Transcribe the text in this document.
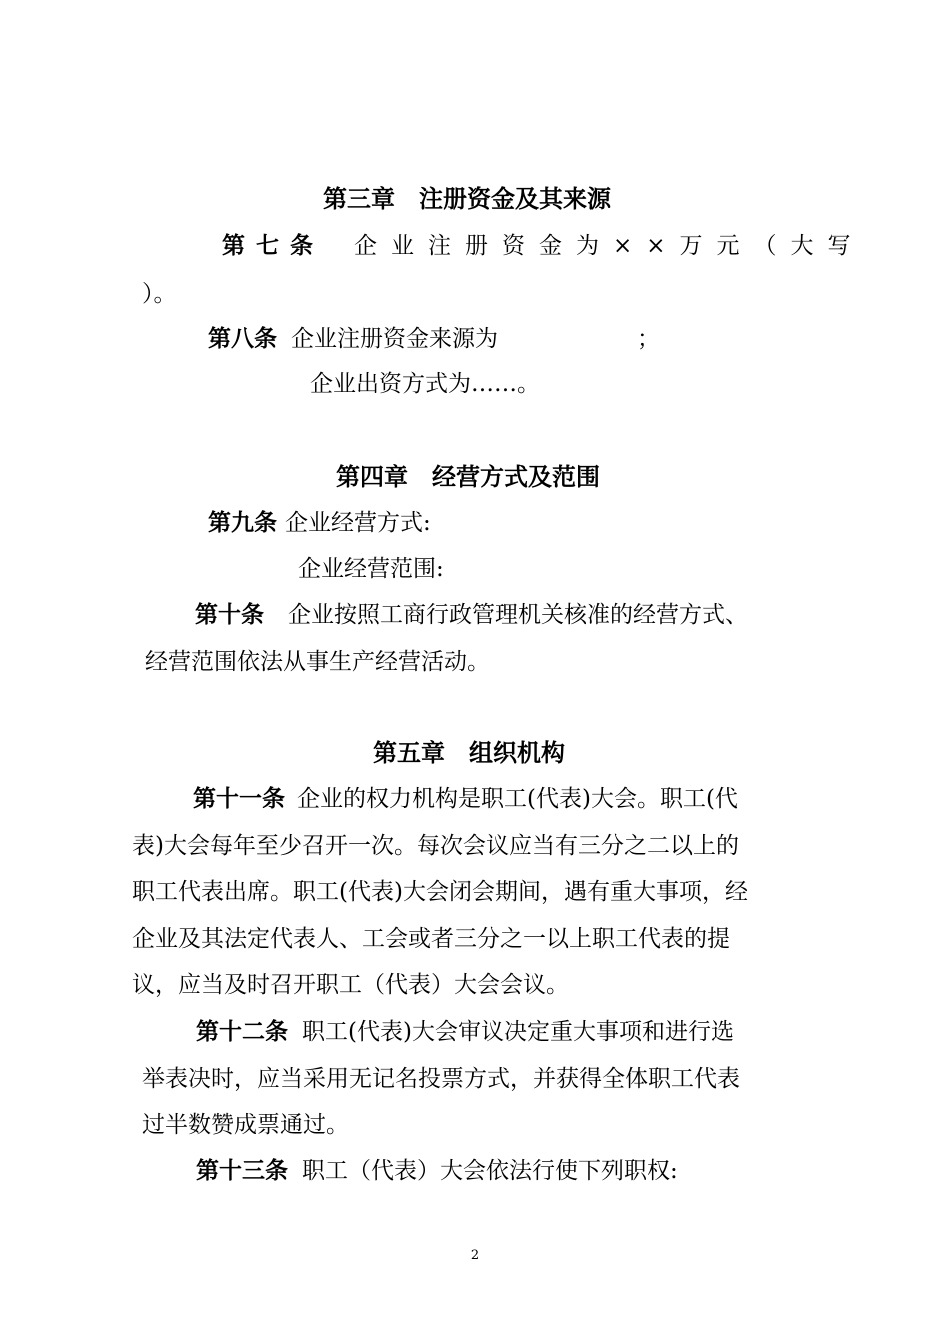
第三章　注册资金及其来源
第七条 企业注册资金为××万元（大写
）。
第八条 企业注册资金来源为	；
企业出资方式为……。
第四章　经营方式及范围
第九条 企业经营方式:
企业经营范围:
第十条 企业按照工商行政管理机关核准的经营方式、
经营范围依法从事生产经营活动。
第五章　组织机构
第十一条 企业的权力机构是职工(代表)大会。职工(代
表)大会每年至少召开一次。每次会议应当有三分之二以上的
职工代表出席。职工(代表)大会闭会期间，遇有重大事项，经
企业及其法定代表人、工会或者三分之一以上职工代表的提
议，应当及时召开职工（代表）大会会议。
第十二条 职工(代表)大会审议决定重大事项和进行选
举表决时，应当采用无记名投票方式，并获得全体职工代表
过半数赞成票通过。
第十三条 职工（代表）大会依法行使下列职权:
2
